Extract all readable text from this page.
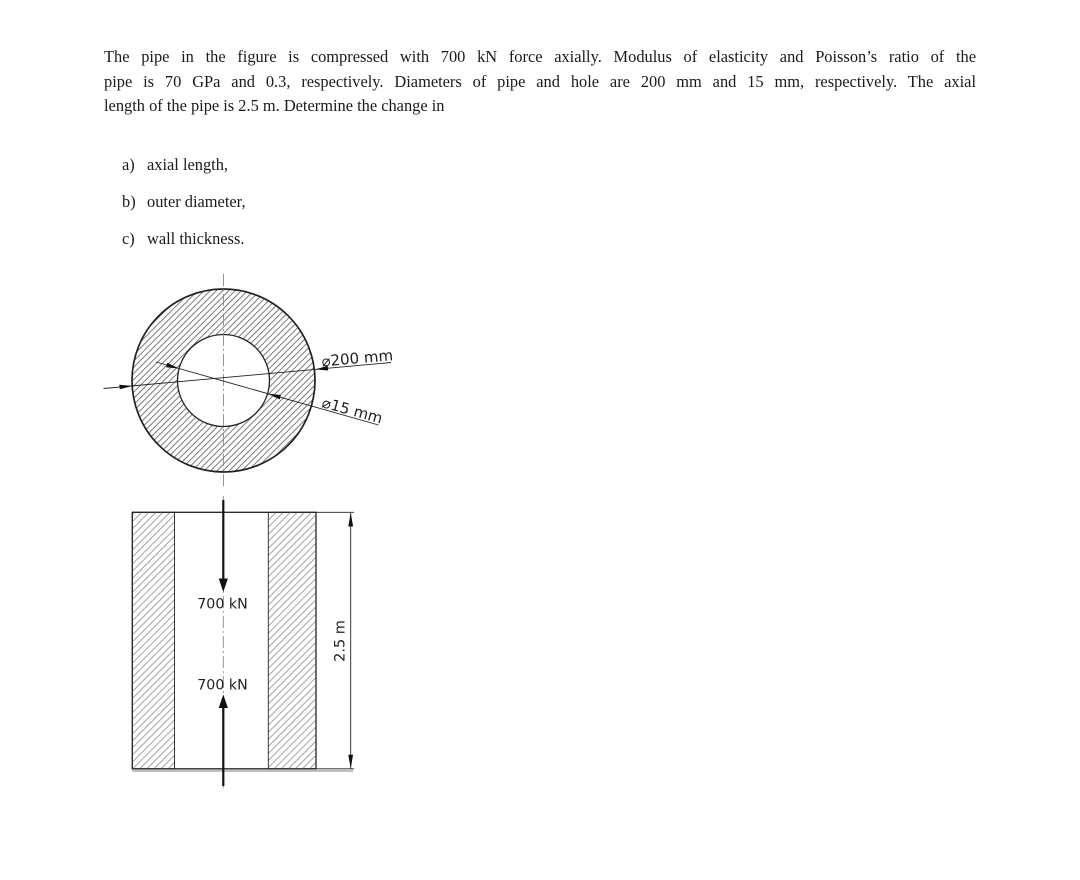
The pipe in the figure is compressed with 700 kN force axially. Modulus of elasticity and Poisson’s ratio of the
pipe is 70 GPa and 0.3, respectively. Diameters of pipe and hole are 200 mm and 15 mm, respectively. The axial
length of the pipe is 2.5 m. Determine the change in
a) axial length,
b) outer diameter,
c) wall thickness.
⌀200 mm
⌀15 mm
700 kN
700 kN
2.5 m
